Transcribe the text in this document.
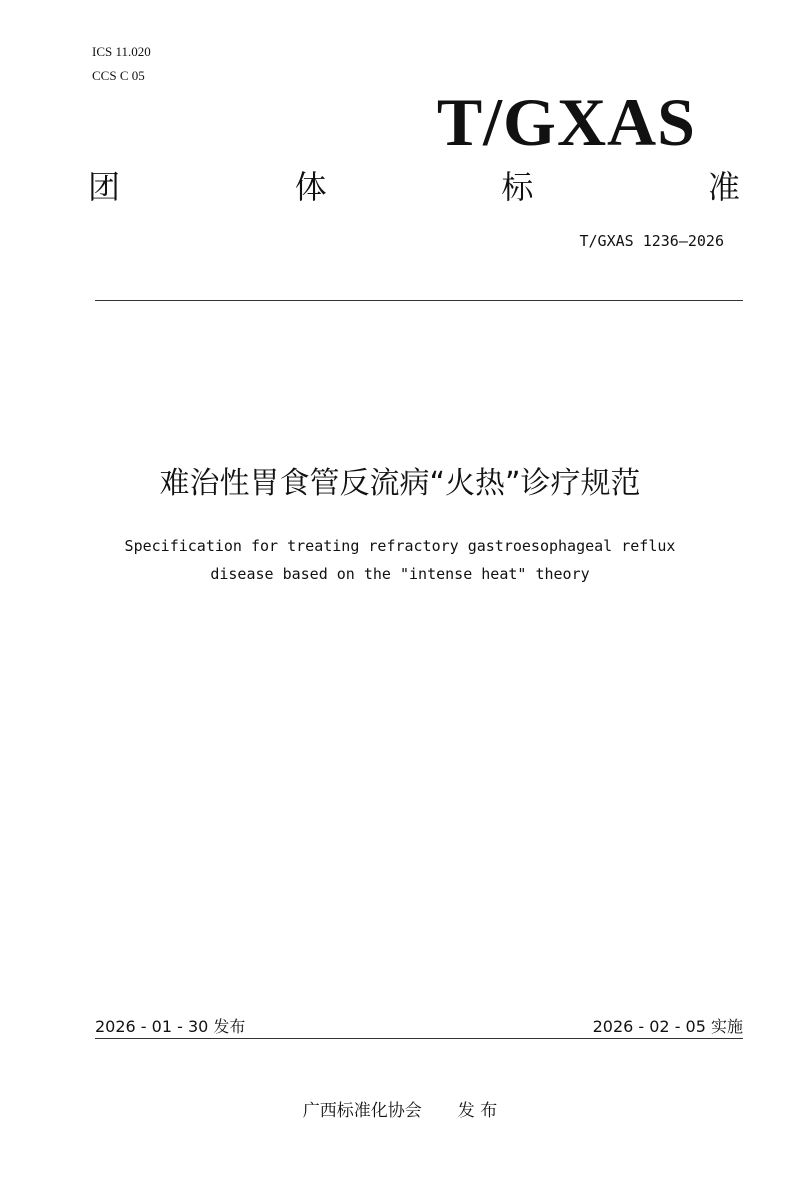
ICS 11.020
CCS C 05
T/GXAS
团	体	标	准
T/GXAS 1236—2026
难治性胃食管反流病“火热”诊疗规范
Specification for treating refractory gastroesophageal reflux
disease based on the "intense heat" theory
2026 - 01 - 30 发布	2026 - 02 - 05 实施
广西标准化协会 发 布
